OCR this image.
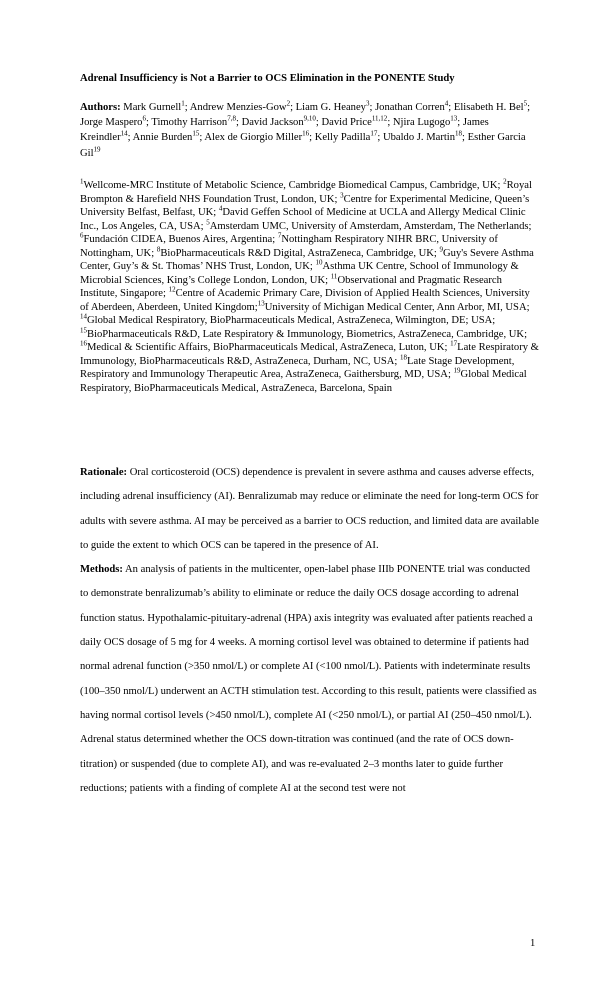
Adrenal Insufficiency is Not a Barrier to OCS Elimination in the PONENTE Study
Authors: Mark Gurnell$^1$; Andrew Menzies-Gow$^2$; Liam G. Heaney$^3$; Jonathan Corren$^4$; Elisabeth H. Bel$^5$; Jorge Maspero$^6$; Timothy Harrison$^{7,8}$; David Jackson$^{9,10}$; David Price$^{11,12}$; Njira Lugogo$^{13}$; James Kreindler$^{14}$; Annie Burden$^{15}$; Alex de Giorgio Miller$^{16}$; Kelly Padilla$^{17}$; Ubaldo J. Martin$^{18}$; Esther Garcia Gil$^{19}$
$^1$Wellcome-MRC Institute of Metabolic Science, Cambridge Biomedical Campus, Cambridge, UK; $^2$Royal Brompton & Harefield NHS Foundation Trust, London, UK; $^3$Centre for Experimental Medicine, Queen’s University Belfast, Belfast, UK; $^4$David Geffen School of Medicine at UCLA and Allergy Medical Clinic Inc., Los Angeles, CA, USA; $^5$Amsterdam UMC, University of Amsterdam, Amsterdam, The Netherlands; $^6$Fundación CIDEA, Buenos Aires, Argentina; $^7$Nottingham Respiratory NIHR BRC, University of Nottingham, UK; $^8$BioPharmaceuticals R&D Digital, AstraZeneca, Cambridge, UK; $^9$Guy's Severe Asthma Center, Guy’s & St. Thomas’ NHS Trust, London, UK; $^{10}$Asthma UK Centre, School of Immunology & Microbial Sciences, King’s College London, London, UK; $^{11}$Observational and Pragmatic Research Institute, Singapore; $^{12}$Centre of Academic Primary Care, Division of Applied Health Sciences, University of Aberdeen, Aberdeen, United Kingdom;$^{13}$University of Michigan Medical Center, Ann Arbor, MI, USA; $^{14}$Global Medical Respiratory, BioPharmaceuticals Medical, AstraZeneca, Wilmington, DE; USA; $^{15}$BioPharmaceuticals R&D, Late Respiratory & Immunology, Biometrics, AstraZeneca, Cambridge, UK; $^{16}$Medical & Scientific Affairs, BioPharmaceuticals Medical, AstraZeneca, Luton, UK; $^{17}$Late Respiratory & Immunology, BioPharmaceuticals R&D, AstraZeneca, Durham, NC, USA; $^{18}$Late Stage Development, Respiratory and Immunology Therapeutic Area, AstraZeneca, Gaithersburg, MD, USA; $^{19}$Global Medical Respiratory, BioPharmaceuticals Medical, AstraZeneca, Barcelona, Spain

Rationale: Oral corticosteroid (OCS) dependence is prevalent in severe asthma and causes adverse effects, including adrenal insufficiency (AI). Benralizumab may reduce or eliminate the need for long-term OCS for adults with severe asthma. AI may be perceived as a barrier to OCS reduction, and limited data are available to guide the extent to which OCS can be tapered in the presence of AI.

Methods: An analysis of patients in the multicenter, open-label phase IIIb PONENTE trial was conducted to demonstrate benralizumab’s ability to eliminate or reduce the daily OCS dosage according to adrenal function status. Hypothalamic-pituitary-adrenal (HPA) axis integrity was evaluated after patients reached a daily OCS dosage of 5 mg for 4 weeks. A morning cortisol level was obtained to determine if patients had normal adrenal function (>350 nmol/L) or complete AI (<100 nmol/L). Patients with indeterminate results (100–350 nmol/L) underwent an ACTH stimulation test. According to this result, patients were classified as having normal cortisol levels (>450 nmol/L), complete AI (<250 nmol/L), or partial AI (250–450 nmol/L). Adrenal status determined whether the OCS down-titration was continued (and the rate of OCS down-titration) or suspended (due to complete AI), and was re-evaluated 2–3 months later to guide further reductions; patients with a finding of complete AI at the second test were not

1
